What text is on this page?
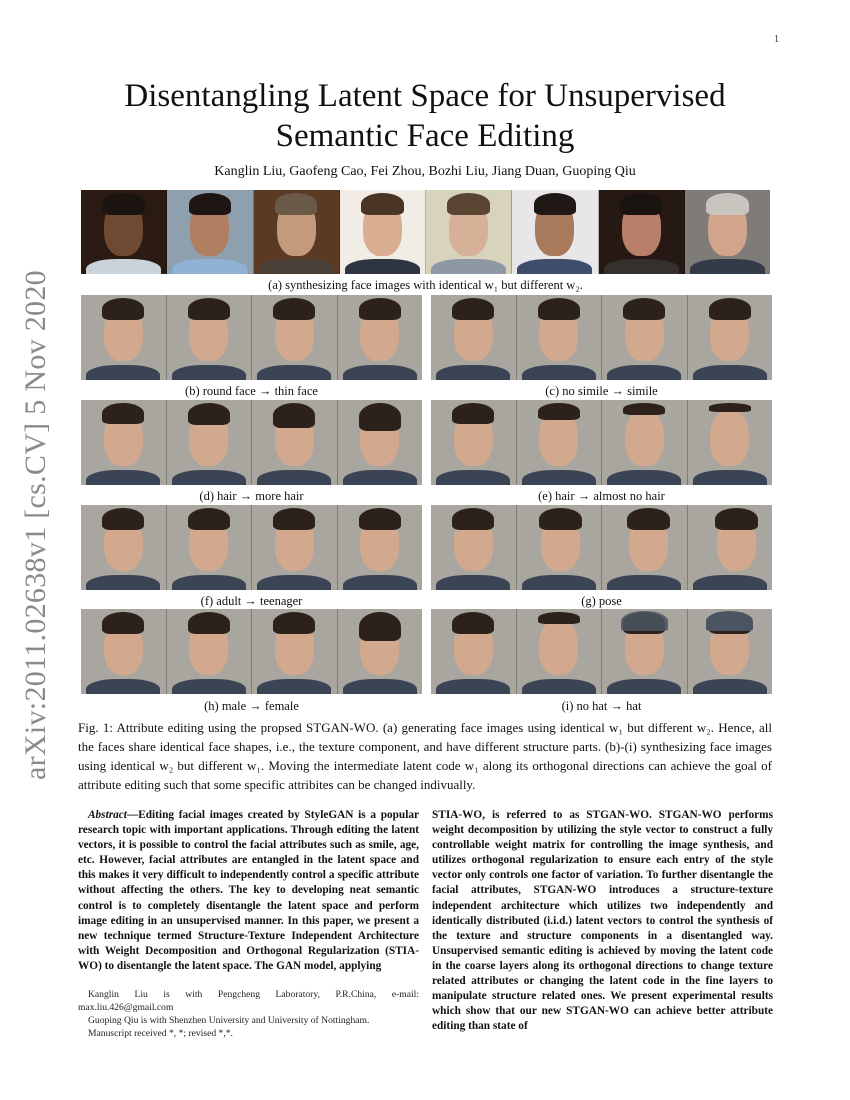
1
arXiv:2011.02638v1 [cs.CV] 5 Nov 2020
Disentangling Latent Space for Unsupervised
Semantic Face Editing
Kanglin Liu, Gaofeng Cao, Fei Zhou, Bozhi Liu, Jiang Duan, Guoping Qiu
(a) synthesizing face images with identical w₁ but different w₂.
(b) round face → thin face	(c) no simile → simile
(d) hair → more hair	(e) hair → almost no hair
(f) adult → teenager	(g) pose
(h) male → female	(i) no hat → hat
Fig. 1: Attribute editing using the propsed STGAN-WO. (a) generating face images using identical w₁ but different w₂. Hence, all the faces share identical face shapes, i.e., the texture component, and have different structure parts. (b)-(i) synthesizing face images using identical w₂ but different w₁. Moving the intermediate latent code w₁ along its orthogonal directions can achieve the goal of attribute editing such that some specific attribites can be changed indivually.
Abstract—Editing facial images created by StyleGAN is a popular research topic with important applications. Through editing the latent vectors, it is possible to control the facial attributes such as smile, age, etc. However, facial attributes are entangled in the latent space and this makes it very difficult to independently control a specific attribute without affecting the others. The key to developing neat semantic control is to completely disentangle the latent space and perform image editing in an unsupervised manner. In this paper, we present a new technique termed Structure-Texture Independent Architecture with Weight Decomposition and Orthogonal Regularization (STIA-WO) to disentangle the latent space. The GAN model, applying
STIA-WO, is referred to as STGAN-WO. STGAN-WO performs weight decomposition by utilizing the style vector to construct a fully controllable weight matrix for controlling the image synthesis, and utilizes orthogonal regularization to ensure each entry of the style vector only controls one factor of variation. To further disentangle the facial attributes, STGAN-WO introduces a structure-texture independent architecture which utilizes two independently and identically distributed (i.i.d.) latent vectors to control the synthesis of the texture and structure components in a disentangled way. Unsupervised semantic editing is achieved by moving the latent code in the coarse layers along its orthogonal directions to change texture related attributes or changing the latent code in the fine layers to manipulate structure related ones. We present experimental results which show that our new STGAN-WO can achieve better attribute editing than state of

Kanglin Liu is with Pengcheng Laboratory, P.R.China, e-mail: max.liu.426@gmail.com

Guoping Qiu is with Shenzhen University and University of Nottingham.

Manuscript received *, *; revised *,*.
